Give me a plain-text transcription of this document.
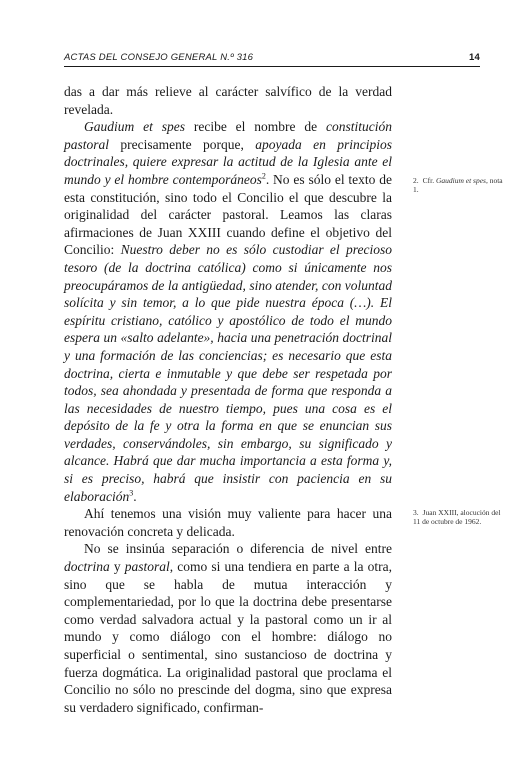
ACTAS DEL CONSEJO GENERAL N.º 316	14

das a dar más relieve al carácter salvífico de la verdad revelada.

Gaudium et spes recibe el nombre de constitución pastoral precisamente porque, apoyada en principios doctrinales, quiere expresar la actitud de la Iglesia ante el mundo y el hombre contemporáneos$^2$. No es sólo el texto de esta constitución, sino todo el Concilio el que descubre la originalidad del carácter pastoral. Leamos las claras afirmaciones de Juan XXIII cuando define el objetivo del Concilio: Nuestro deber no es sólo custodiar el precioso tesoro (de la doctrina católica) como si únicamente nos preocupáramos de la antigüedad, sino atender, con voluntad solícita y sin temor, a lo que pide nuestra época (…). El espíritu cristiano, católico y apostólico de todo el mundo espera un «salto adelante», hacia una penetración doctrinal y una formación de las conciencias; es necesario que esta doctrina, cierta e inmutable y que debe ser respetada por todos, sea ahondada y presentada de forma que responda a las necesidades de nuestro tiempo, pues una cosa es el depósito de la fe y otra la forma en que se enuncian sus verdades, conservándoles, sin embargo, su significado y alcance. Habrá que dar mucha importancia a esta forma y, si es preciso, habrá que insistir con paciencia en su elaboración$^3$.

Ahí tenemos una visión muy valiente para hacer una renovación concreta y delicada.

No se insinúa separación o diferencia de nivel entre doctrina y pastoral, como si una tendiera en parte a la otra, sino que se habla de mutua interacción y complementariedad, por lo que la doctrina debe presentarse como verdad salvadora actual y la pastoral como un ir al mundo y como diálogo con el hombre: diálogo no superficial o sentimental, sino sustancioso de doctrina y fuerza dogmática. La originalidad pastoral que proclama el Concilio no sólo no prescinde del dogma, sino que expresa su verdadero significado, confirman-

2. Cfr. Gaudium et spes, nota 1.
3. Juan XXIII, alocución del 11 de octubre de 1962.
